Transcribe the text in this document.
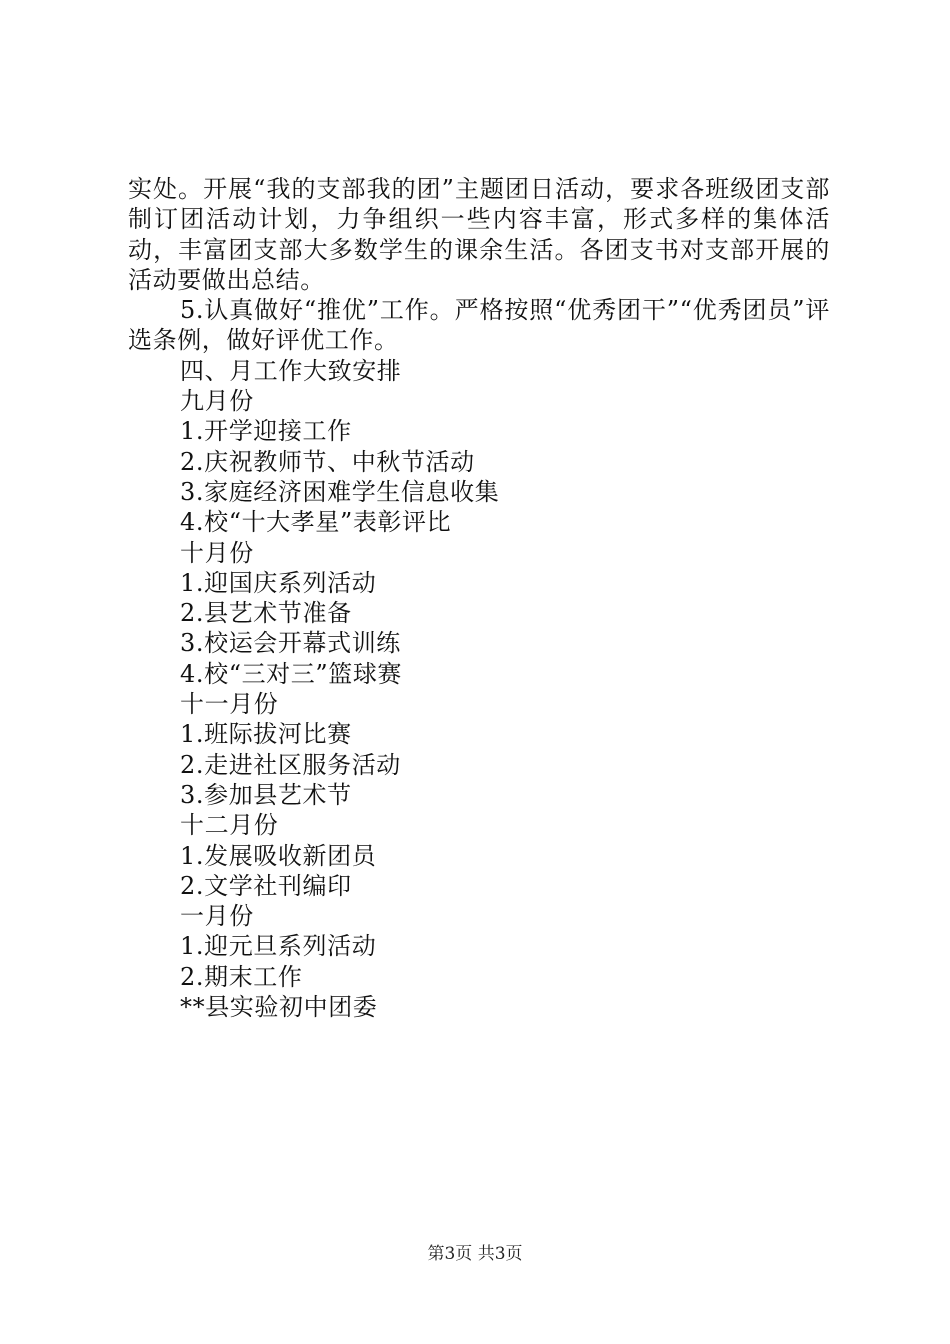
实处。开展“我的支部我的团”主题团日活动，要求各班级团支部制订团活动计划，力争组织一些内容丰富，形式多样的集体活动，丰富团支部大多数学生的课余生活。各团支书对支部开展的活动要做出总结。

5.认真做好“推优”工作。严格按照“优秀团干”“优秀团员”评选条例，做好评优工作。

四、月工作大致安排

九月份

1.开学迎接工作

2.庆祝教师节、中秋节活动

3.家庭经济困难学生信息收集

4.校“十大孝星”表彰评比

十月份

1.迎国庆系列活动

2.县艺术节准备

3.校运会开幕式训练

4.校“三对三”篮球赛

十一月份

1.班际拔河比赛

2.走进社区服务活动

3.参加县艺术节

十二月份

1.发展吸收新团员

2.文学社刊编印

一月份

1.迎元旦系列活动

2.期末工作

**县实验初中团委

第3页 共3页
